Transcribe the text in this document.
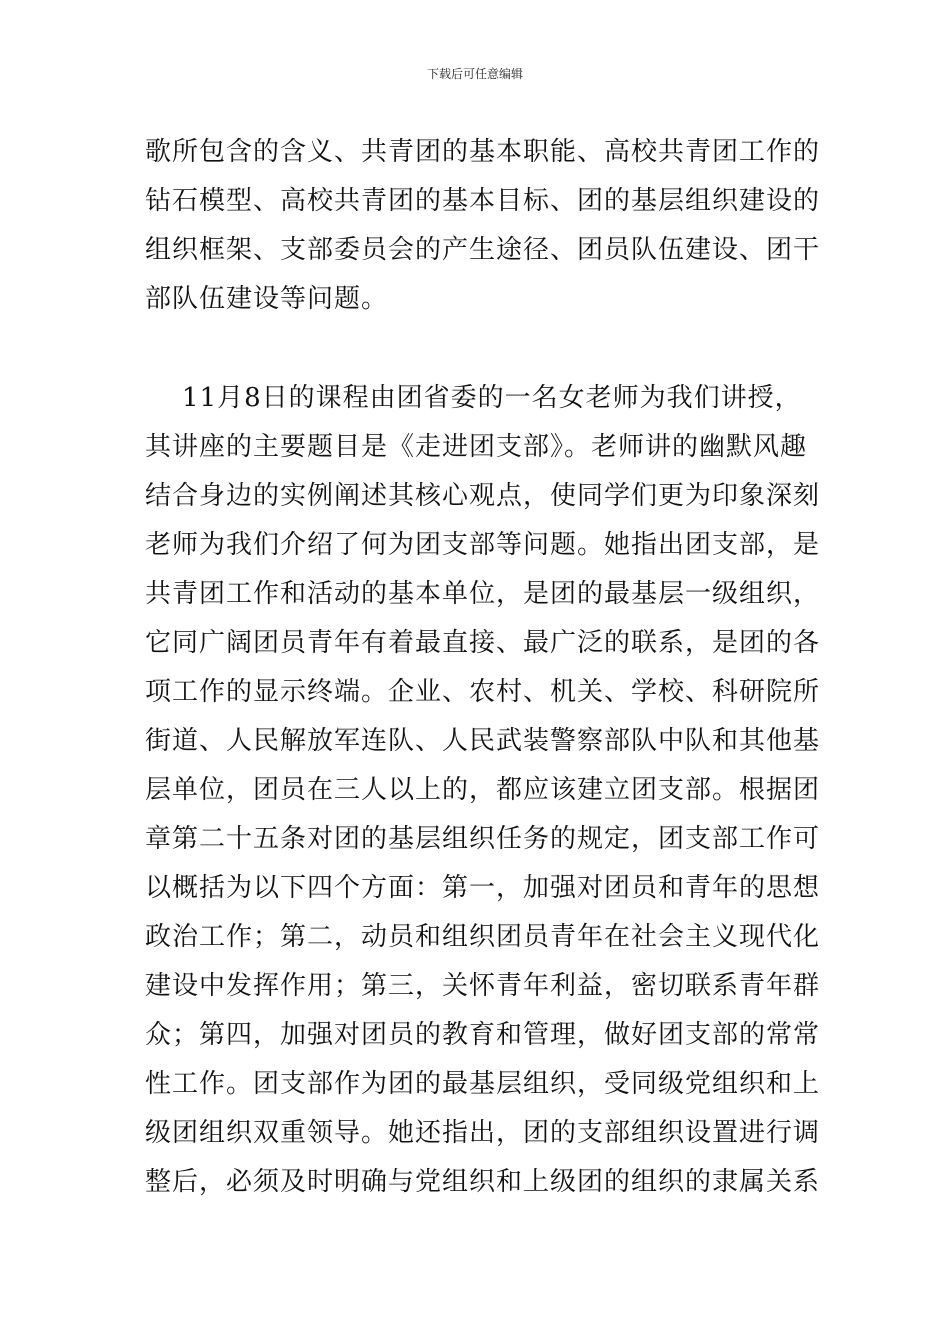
下载后可任意编辑
歌所包含的含义、共青团的基本职能、高校共青团工作的
钻石模型、高校共青团的基本目标、团的基层组织建设的
组织框架、支部委员会的产生途径、团员队伍建设、团干
部队伍建设等问题。
11月8日的课程由团省委的一名女老师为我们讲授，
其讲座的主要题目是《走进团支部》。老师讲的幽默风趣
结合身边的实例阐述其核心观点，使同学们更为印象深刻
老师为我们介绍了何为团支部等问题。她指出团支部，是
共青团工作和活动的基本单位，是团的最基层一级组织，
它同广阔团员青年有着最直接、最广泛的联系，是团的各
项工作的显示终端。企业、农村、机关、学校、科研院所
街道、人民解放军连队、人民武装警察部队中队和其他基
层单位，团员在三人以上的，都应该建立团支部。根据团
章第二十五条对团的基层组织任务的规定，团支部工作可
以概括为以下四个方面：第一，加强对团员和青年的思想
政治工作；第二，动员和组织团员青年在社会主义现代化
建设中发挥作用；第三，关怀青年利益，密切联系青年群
众；第四，加强对团员的教育和管理，做好团支部的常常
性工作。团支部作为团的最基层组织，受同级党组织和上
级团组织双重领导。她还指出，团的支部组织设置进行调
整后，必须及时明确与党组织和上级团的组织的隶属关系
